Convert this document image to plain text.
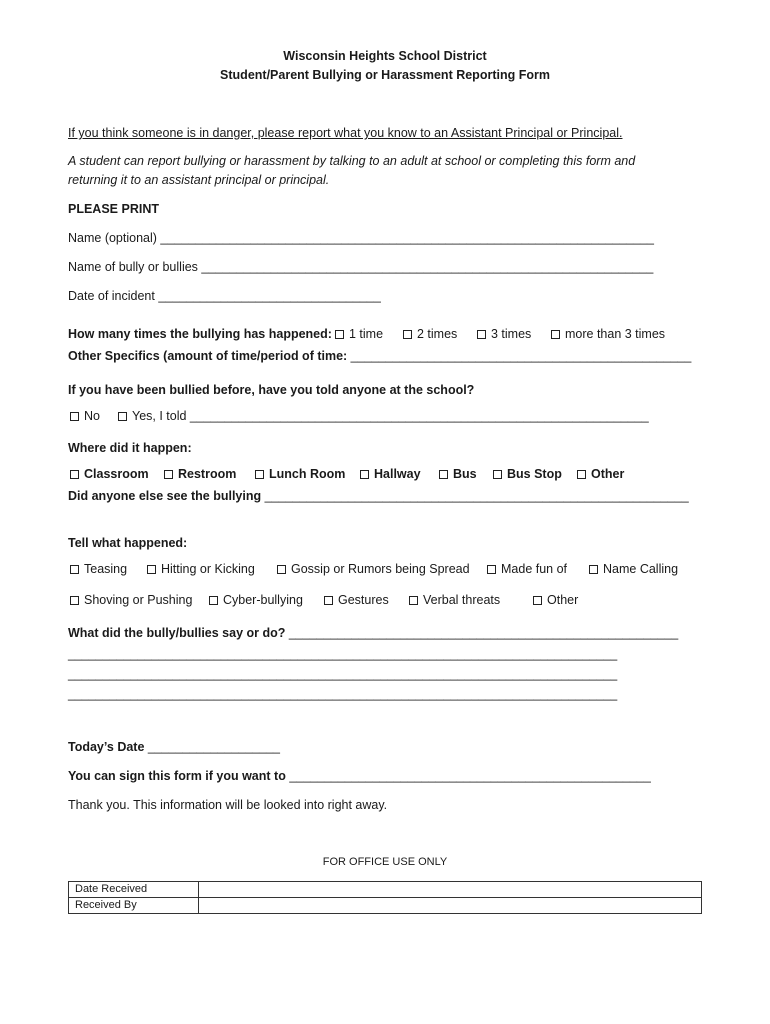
Wisconsin Heights School District
Student/Parent Bullying or Harassment Reporting Form
If you think someone is in danger, please report what you know to an Assistant Principal or Principal.
A student can report bullying or harassment by talking to an adult at school or completing this form and
returning it to an assistant principal or principal.
PLEASE PRINT
Name (optional) _______________________________________________________________________
Name of bully or bullies _________________________________________________________________
Date of incident ________________________________
How many times the bullying has happened:	1 time	2 times	3 times	more than 3 times
Other Specifics (amount of time/period of time: _________________________________________________
If you have been bullied before, have you told anyone at the school?
No	Yes, I told __________________________________________________________________
Where did it happen:
Classroom	Restroom	Lunch Room	Hallway	Bus	Bus Stop	Other
Did anyone else see the bullying _____________________________________________________________
Tell what happened:
Teasing	Hitting or Kicking	Gossip or Rumors being Spread	Made fun of	Name Calling
Shoving or Pushing	Cyber-bullying	Gestures	Verbal threats	Other
What did the bully/bullies say or do? ________________________________________________________
_______________________________________________________________________________
_______________________________________________________________________________
_______________________________________________________________________________
Today’s Date ___________________
You can sign this form if you want to ____________________________________________________
Thank you. This information will be looked into right away.
FOR OFFICE USE ONLY
Date Received	
Received By	
